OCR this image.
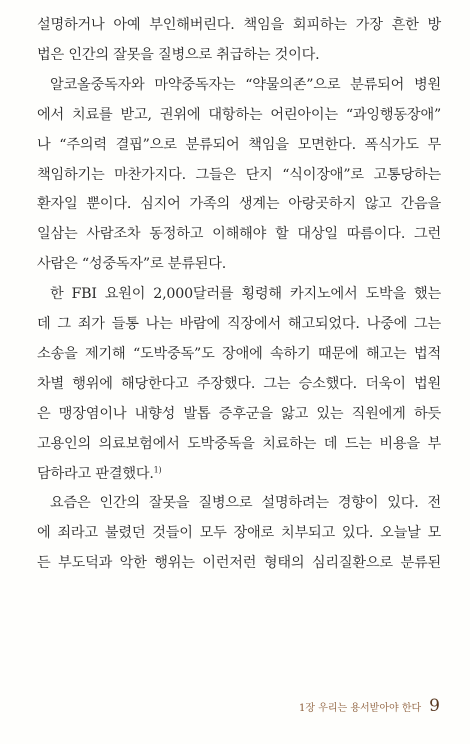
설명하거나 아예 부인해버린다. 책임을 회피하는 가장 흔한 방
법은 인간의 잘못을 질병으로 취급하는 것이다.
알코올중독자와 마약중독자는 “약물의존”으로 분류되어 병원
에서 치료를 받고, 권위에 대항하는 어린아이는 “과잉행동장애”
나 “주의력 결핍”으로 분류되어 책임을 모면한다. 폭식가도 무
책임하기는 마찬가지다. 그들은 단지 “식이장애”로 고통당하는
환자일 뿐이다. 심지어 가족의 생계는 아랑곳하지 않고 간음을
일삼는 사람조차 동정하고 이해해야 할 대상일 따름이다. 그런
사람은 “성중독자”로 분류된다.
한 FBI 요원이 2,000달러를 횡령해 카지노에서 도박을 했는
데 그 죄가 들통 나는 바람에 직장에서 해고되었다. 나중에 그는
소송을 제기해 “도박중독”도 장애에 속하기 때문에 해고는 법적
차별 행위에 해당한다고 주장했다. 그는 승소했다. 더욱이 법원
은 맹장염이나 내향성 발톱 증후군을 앓고 있는 직원에게 하듯
고용인의 의료보험에서 도박중독을 치료하는 데 드는 비용을 부
담하라고 판결했다.$^{1)}$
요즘은 인간의 잘못을 질병으로 설명하려는 경향이 있다. 전
에 죄라고 불렸던 것들이 모두 장애로 치부되고 있다. 오늘날 모
든 부도덕과 악한 행위는 이런저런 형태의 심리질환으로 분류된
1장 우리는 용서받아야 한다 9
